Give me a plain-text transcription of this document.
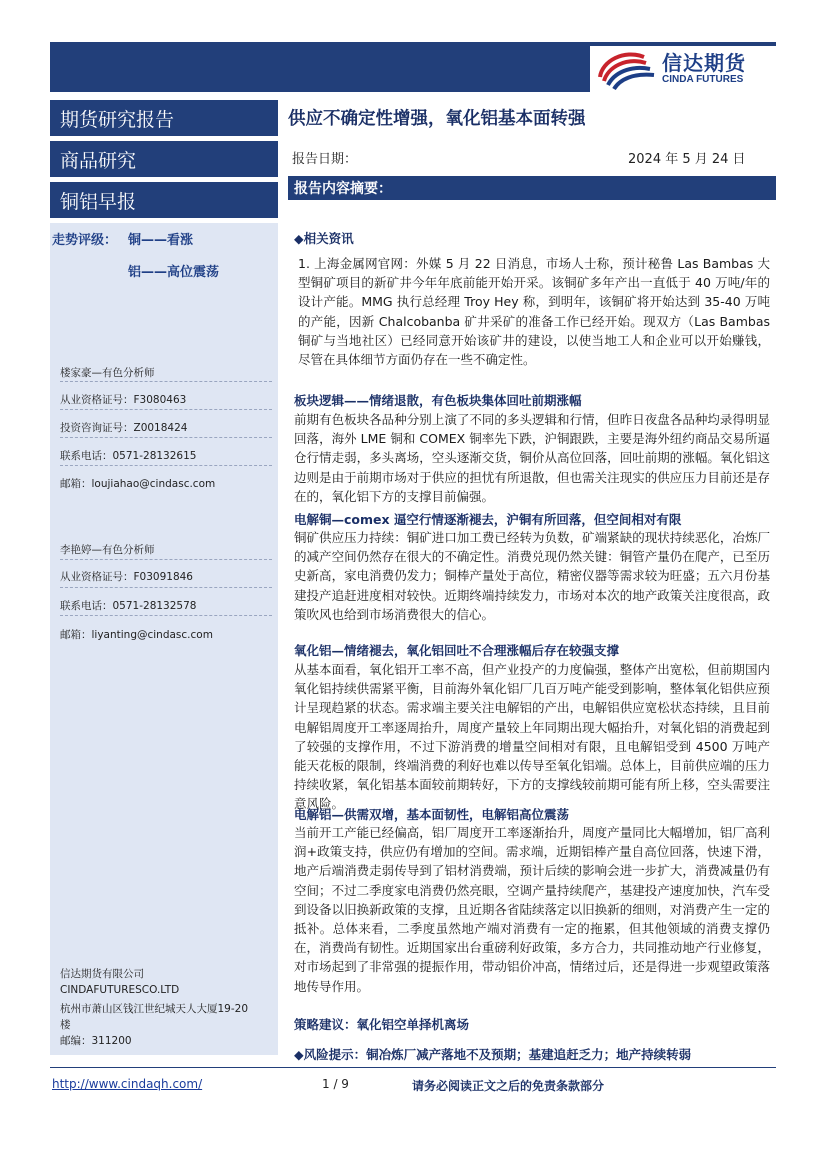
信达期货
CINDA FUTURES
期货研究报告
商品研究
铜铝早报
走势评级： 铜——看涨
铝——高位震荡
楼家豪—有色分析师
从业资格证号：F3080463
投资咨询证号：Z0018424
联系电话：0571-28132615
邮箱：loujiahao@cindasc.com
李艳婷—有色分析师
从业资格证号：F03091846
联系电话：0571-28132578
邮箱：liyanting@cindasc.com
信达期货有限公司
CINDAFUTURESCO.LTD
杭州市萧山区钱江世纪城天人大厦19-20
楼
邮编：311200
供应不确定性增强，氧化铝基本面转强
报告日期：	2024 年 5 月 24 日
报告内容摘要：
◆相关资讯
1. 上海金属网官网：外媒 5 月 22 日消息，市场人士称，预计秘鲁 Las Bambas 大型铜矿项目的新矿井今年年底前能开始开采。该铜矿多年产出一直低于 40 万吨/年的设计产能。MMG 执行总经理 Troy Hey 称，到明年，该铜矿将开始达到 35-40 万吨的产能，因新 Chalcobanba 矿井采矿的准备工作已经开始。现双方（Las Bambas 铜矿与当地社区）已经同意开始该矿井的建设，以使当地工人和企业可以开始赚钱，尽管在具体细节方面仍存在一些不确定性。
板块逻辑——情绪退散，有色板块集体回吐前期涨幅
前期有色板块各品种分别上演了不同的多头逻辑和行情，但昨日夜盘各品种均录得明显回落，海外 LME 铜和 COMEX 铜率先下跌，沪铜跟跌，主要是海外纽约商品交易所逼仓行情走弱，多头离场，空头逐渐交货，铜价从高位回落，回吐前期的涨幅。氧化铝这边则是由于前期市场对于供应的担忧有所退散，但也需关注现实的供应压力目前还是存在的，氧化铝下方的支撑目前偏强。
电解铜—comex 逼空行情逐渐褪去，沪铜有所回落，但空间相对有限
铜矿供应压力持续：铜矿进口加工费已经转为负数，矿端紧缺的现状持续恶化，冶炼厂的减产空间仍然存在很大的不确定性。消费兑现仍然关键：铜管产量仍在爬产，已至历史新高，家电消费仍发力；铜棒产量处于高位，精密仪器等需求较为旺盛；五六月份基建投产追赶进度相对较快。近期终端持续发力，市场对本次的地产政策关注度很高，政策吹风也给到市场消费很大的信心。
氧化铝—情绪褪去，氧化铝回吐不合理涨幅后存在较强支撑
从基本面看，氧化铝开工率不高，但产业投产的力度偏强，整体产出宽松，但前期国内氧化铝持续供需紧平衡，目前海外氧化铝厂几百万吨产能受到影响，整体氧化铝供应预计呈现趋紧的状态。需求端主要关注电解铝的产出，电解铝供应宽松状态持续，且目前电解铝周度开工率逐周抬升，周度产量较上年同期出现大幅抬升，对氧化铝的消费起到了较强的支撑作用，不过下游消费的增量空间相对有限，且电解铝受到 4500 万吨产能天花板的限制，终端消费的利好也难以传导至氧化铝端。总体上，目前供应端的压力持续收紧，氧化铝基本面较前期转好，下方的支撑线较前期可能有所上移，空头需要注意风险。
电解铝—供需双增，基本面韧性，电解铝高位震荡
当前开工产能已经偏高，铝厂周度开工率逐渐抬升，周度产量同比大幅增加，铝厂高利润+政策支持，供应仍有增加的空间。需求端，近期铝棒产量自高位回落，快速下滑，地产后端消费走弱传导到了铝材消费端，预计后续的影响会进一步扩大，消费减量仍有空间；不过二季度家电消费仍然亮眼，空调产量持续爬产，基建投产速度加快，汽车受到设备以旧换新政策的支撑，且近期各省陆续落定以旧换新的细则，对消费产生一定的抵补。总体来看，二季度虽然地产端对消费有一定的拖累，但其他领域的消费支撑仍在，消费尚有韧性。近期国家出台重磅利好政策，多方合力，共同推动地产行业修复，对市场起到了非常强的提振作用，带动铝价冲高，情绪过后，还是得进一步观望政策落地传导作用。
策略建议：氧化铝空单择机离场
◆风险提示：铜冶炼厂减产落地不及预期；基建追赶乏力；地产持续转弱
http://www.cindaqh.com/	1 / 9	请务必阅读正文之后的免责条款部分
